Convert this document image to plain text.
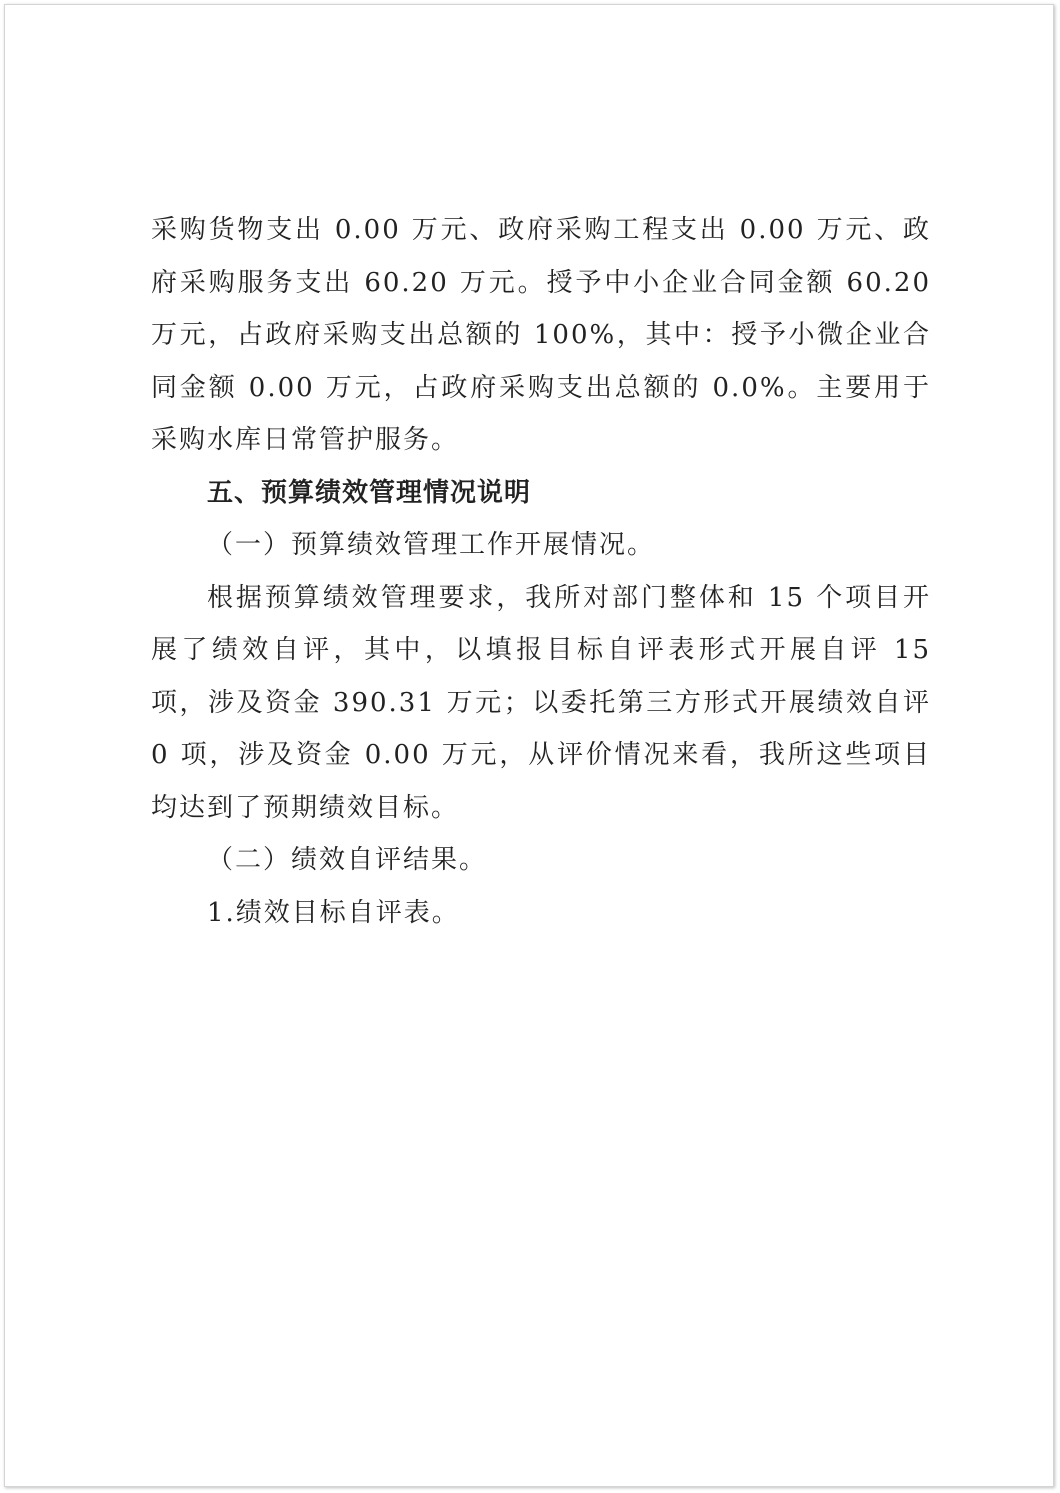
采购货物支出 0.00 万元、政府采购工程支出 0.00 万元、政府采购服务支出 60.20 万元。授予中小企业合同金额 60.20 万元，占政府采购支出总额的 100%，其中：授予小微企业合同金额 0.00 万元，占政府采购支出总额的 0.0%。主要用于采购水库日常管护服务。

五、预算绩效管理情况说明

（一）预算绩效管理工作开展情况。

根据预算绩效管理要求，我所对部门整体和 15 个项目开展了绩效自评，其中，以填报目标自评表形式开展自评 15 项，涉及资金 390.31 万元；以委托第三方形式开展绩效自评 0 项，涉及资金 0.00 万元，从评价情况来看，我所这些项目均达到了预期绩效目标。

（二）绩效自评结果。

1.绩效目标自评表。
